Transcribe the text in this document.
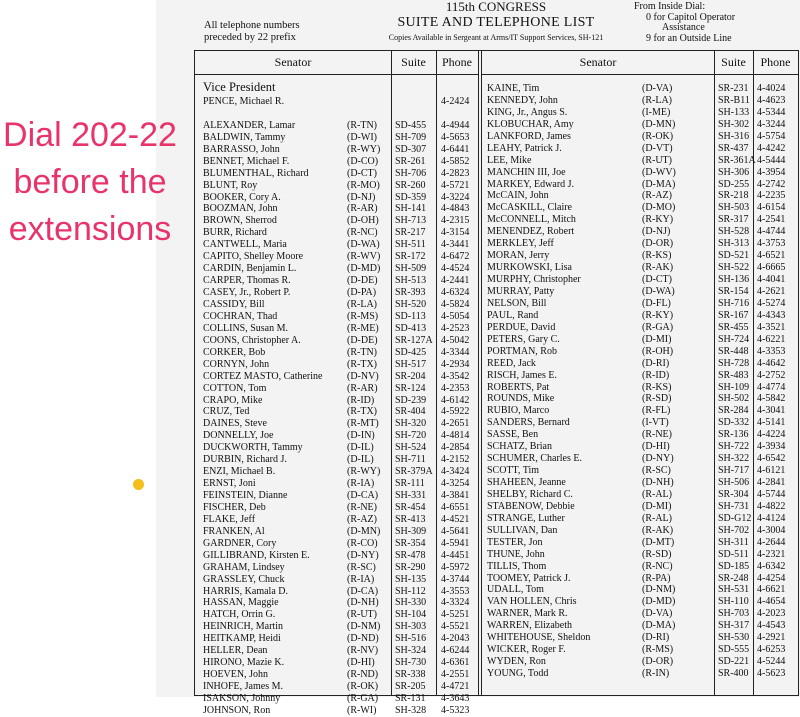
Dial 202-22
before the
extensions
All telephone numbers
preceded by 22 prefix
115th CONGRESS
SUITE AND TELEPHONE LIST
Copies Available in Sergeant at Arms/IT Support Services, SH-121
From Inside Dial:
0 for Capitol Operator
Assistance
9 for an Outside Line
Senator	Suite	Phone	Senator	Suite	Phone
Vice President
PENCE, Michael R.	4-2424
ALEXANDER, Lamar	(R-TN) SD-455 4-4944
BALDWIN, Tammy	(D-WI) SH-709 4-5653
BARRASSO, John	(R-WY) SD-307 4-6441
BENNET, Michael F.	(D-CO) SR-261 4-5852
BLUMENTHAL, Richard	(D-CT) SH-706 4-2823
BLUNT, Roy	(R-MO) SR-260 4-5721
BOOKER, Cory A.	(D-NJ) SD-359 4-3224
BOOZMAN, John	(R-AR) SH-141 4-4843
BROWN, Sherrod	(D-OH) SH-713 4-2315
BURR, Richard	(R-NC) SR-217 4-3154
CANTWELL, Maria	(D-WA) SH-511 4-3441
CAPITO, Shelley Moore	(R-WV) SR-172 4-6472
CARDIN, Benjamin L.	(D-MD) SH-509 4-4524
CARPER, Thomas R.	(D-DE) SH-513 4-2441
CASEY, Jr., Robert P.	(D-PA) SR-393 4-6324
CASSIDY, Bill	(R-LA) SH-520 4-5824
COCHRAN, Thad	(R-MS) SD-113 4-5054
COLLINS, Susan M.	(R-ME) SD-413 4-2523
COONS, Christopher A.	(D-DE) SR-127A 4-5042
CORKER, Bob	(R-TN) SD-425 4-3344
CORNYN, John	(R-TX) SH-517 4-2934
CORTEZ MASTO, Catherine (D-NV) SR-204 4-3542
COTTON, Tom	(R-AR) SR-124 4-2353
CRAPO, Mike	(R-ID) SD-239 4-6142
CRUZ, Ted	(R-TX) SR-404 4-5922
DAINES, Steve	(R-MT) SH-320 4-2651
DONNELLY, Joe	(D-IN) SH-720 4-4814
DUCKWORTH, Tammy	(D-IL) SH-524 4-2854
DURBIN, Richard J.	(D-IL) SH-711 4-2152
ENZI, Michael B.	(R-WY) SR-379A 4-3424
ERNST, Joni	(R-IA) SR-111 4-3254
FEINSTEIN, Dianne	(D-CA) SH-331 4-3841
FISCHER, Deb	(R-NE) SR-454 4-6551
FLAKE, Jeff	(R-AZ) SR-413 4-4521
FRANKEN, Al	(D-MN) SH-309 4-5641
GARDNER, Cory	(R-CO) SR-354 4-5941
GILLIBRAND, Kirsten E.	(D-NY) SR-478 4-4451
GRAHAM, Lindsey	(R-SC) SR-290 4-5972
GRASSLEY, Chuck	(R-IA) SH-135 4-3744
HARRIS, Kamala D.	(D-CA) SH-112 4-3553
HASSAN, Maggie	(D-NH) SH-330 4-3324
HATCH, Orrin G.	(R-UT) SH-104 4-5251
HEINRICH, Martin	(D-NM) SH-303 4-5521
HEITKAMP, Heidi	(D-ND) SH-516 4-2043
HELLER, Dean	(R-NV) SH-324 4-6244
HIRONO, Mazie K.	(D-HI) SH-730 4-6361
HOEVEN, John	(R-ND) SR-338 4-2551
INHOFE, James M.	(R-OK) SR-205 4-4721
ISAKSON, Johnny	(R-GA) SR-131 4-3643
JOHNSON, Ron	(R-WI) SH-328 4-5323
KAINE, Tim	(D-VA)	SR-231 4-4024
KENNEDY, John	(R-LA)	SR-B11 4-4623
KING, Jr., Angus S.	(I-ME)	SH-133 4-5344
KLOBUCHAR, Amy	(D-MN)	SH-302 4-3244
LANKFORD, James	(R-OK)	SH-316 4-5754
LEAHY, Patrick J.	(D-VT)	SR-437 4-4242
LEE, Mike	(R-UT)	SR-361A 4-5444
MANCHIN III, Joe	(D-WV)	SH-306 4-3954
MARKEY, Edward J.	(D-MA)	SD-255 4-2742
McCAIN, John	(R-AZ)	SR-218 4-2235
McCASKILL, Claire	(D-MO)	SH-503 4-6154
McCONNELL, Mitch	(R-KY)	SR-317 4-2541
MENENDEZ, Robert	(D-NJ)	SH-528 4-4744
MERKLEY, Jeff	(D-OR)	SH-313 4-3753
MORAN, Jerry	(R-KS)	SD-521 4-6521
MURKOWSKI, Lisa	(R-AK)	SH-522 4-6665
MURPHY, Christopher	(D-CT)	SH-136 4-4041
MURRAY, Patty	(D-WA)	SR-154 4-2621
NELSON, Bill	(D-FL)	SH-716 4-5274
PAUL, Rand	(R-KY)	SR-167 4-4343
PERDUE, David	(R-GA)	SR-455 4-3521
PETERS, Gary C.	(D-MI)	SH-724 4-6221
PORTMAN, Rob	(R-OH)	SR-448 4-3353
REED, Jack	(D-RI)	SH-728 4-4642
RISCH, James E.	(R-ID)	SR-483 4-2752
ROBERTS, Pat	(R-KS)	SH-109 4-4774
ROUNDS, Mike	(R-SD)	SH-502 4-5842
RUBIO, Marco	(R-FL)	SR-284 4-3041
SANDERS, Bernard	(I-VT)	SD-332 4-5141
SASSE, Ben	(R-NE)	SR-136 4-4224
SCHATZ, Brian	(D-HI)	SH-722 4-3934
SCHUMER, Charles E.	(D-NY)	SH-322 4-6542
SCOTT, Tim	(R-SC)	SH-717 4-6121
SHAHEEN, Jeanne	(D-NH)	SH-506 4-2841
SHELBY, Richard C.	(R-AL)	SR-304 4-5744
STABENOW, Debbie	(D-MI)	SH-731 4-4822
STRANGE, Luther	(R-AL)	SD-G12 4-4124
SULLIVAN, Dan	(R-AK)	SH-702 4-3004
TESTER, Jon	(D-MT)	SH-311 4-2644
THUNE, John	(R-SD)	SD-511 4-2321
TILLIS, Thom	(R-NC)	SD-185 4-6342
TOOMEY, Patrick J.	(R-PA)	SR-248 4-4254
UDALL, Tom	(D-NM)	SH-531 4-6621
VAN HOLLEN, Chris	(D-MD)	SH-110 4-4654
WARNER, Mark R.	(D-VA)	SH-703 4-2023
WARREN, Elizabeth	(D-MA)	SH-317 4-4543
WHITEHOUSE, Sheldon	(D-RI)	SH-530 4-2921
WICKER, Roger F.	(R-MS)	SD-555 4-6253
WYDEN, Ron	(D-OR)	SD-221 4-5244
YOUNG, Todd	(R-IN)	SR-400 4-5623
